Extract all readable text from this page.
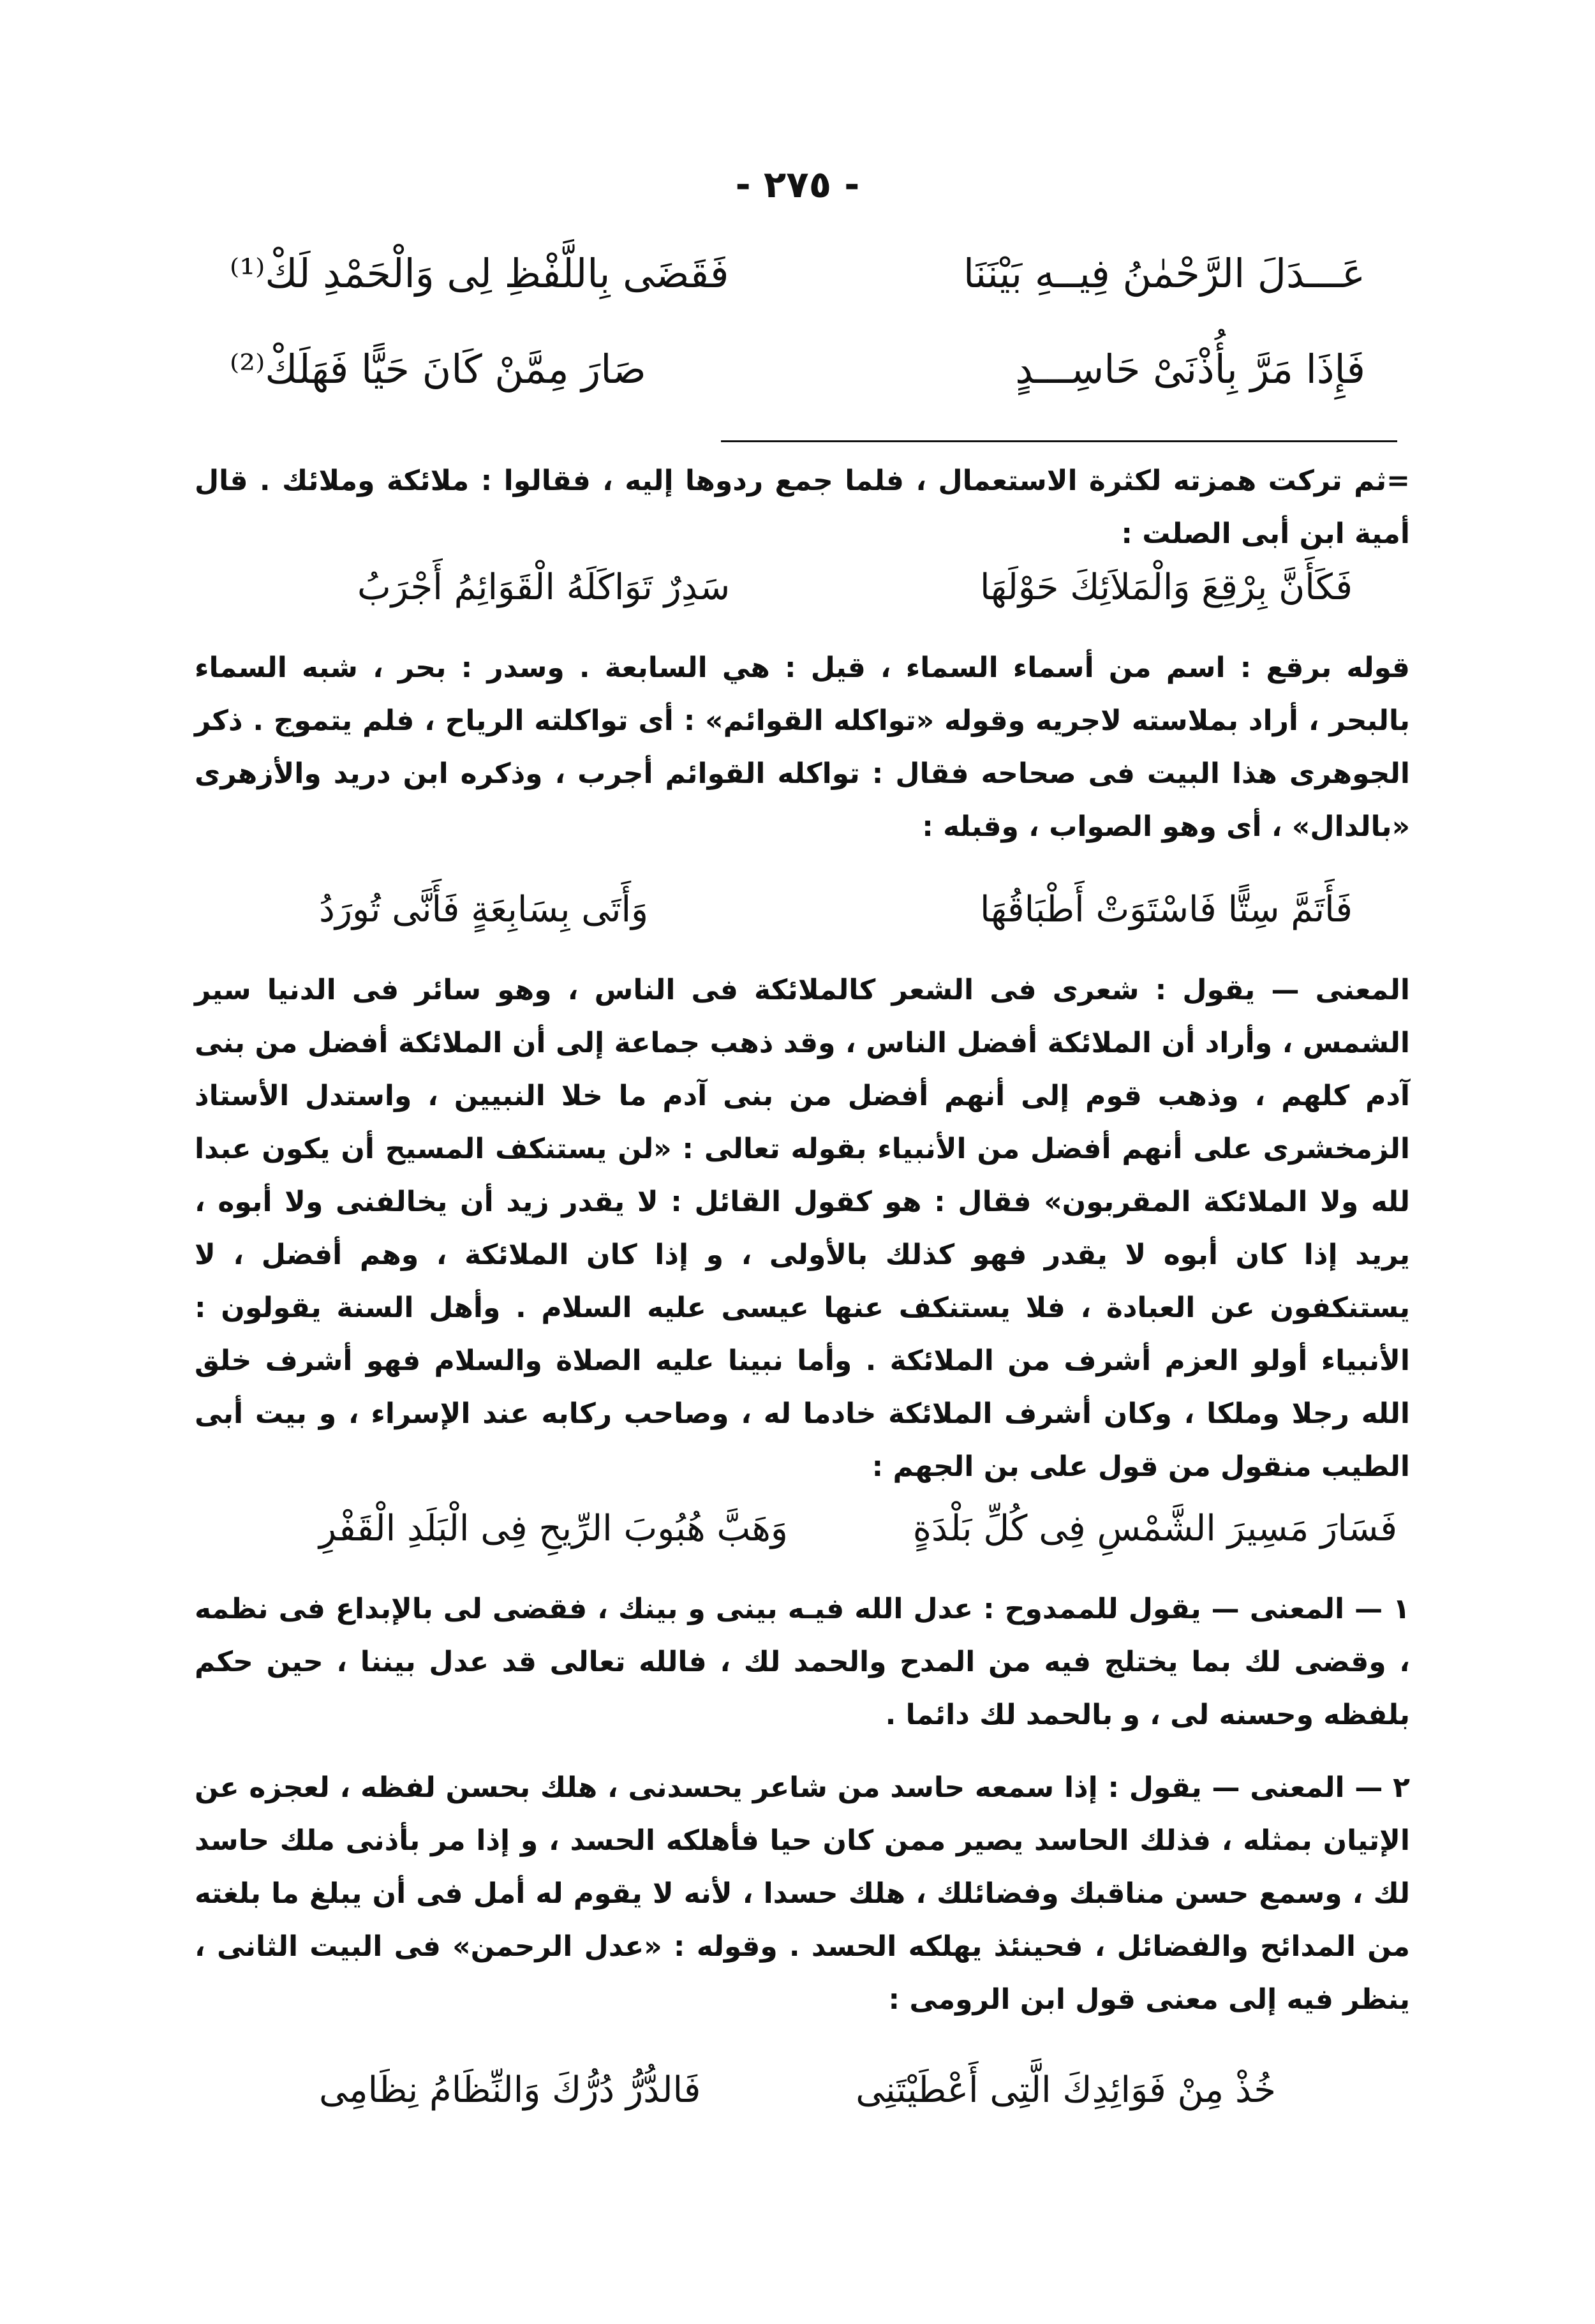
- ٢٧٥ -
عَـــدَلَ الرَّحْمٰنُ فِيــهِ بَيْنَنَا
فَقَضَى بِاللَّفْظِ لِى وَالْحَمْدِ لَكْ⁽¹⁾
فَإِذَا مَرَّ بِأُذْنَىْ حَاسِـــدٍ
صَارَ مِمَّنْ كَانَ حَيًّا فَهَلَكْ⁽²⁾
=ثم تركت همزته لكثرة الاستعمال ، فلما جمع ردوها إليه ، فقالوا : ملائكة وملائك . قال أمية ابن أبى الصلت :
فَكَأَنَّ بِرْقِعَ وَالْمَلاَئِكَ حَوْلَهَا
سَدِرٌ تَوَاكَلَهُ الْقَوَائِمُ أَجْرَبُ
قوله برقع : اسم من أسماء السماء ، قيل : هي السابعة . وسدر : بحر ، شبه السماء بالبحر ، أراد بملاسته لاجريه وقوله «تواكله القوائم» : أى تواكلته الرياح ، فلم يتموج . ذكر الجوهرى هذا البيت فى صحاحه فقال : تواكله القوائم أجرب ، وذكره ابن دريد والأزهرى «بالدال» ، أى وهو الصواب ، وقبله :
فَأَتَمَّ سِتًّا فَاسْتَوَتْ أَطْبَاقُهَا
وَأَتَى بِسَابِعَةٍ فَأَنَّى تُورَدُ
المعنى — يقول : شعرى فى الشعر كالملائكة فى الناس ، وهو سائر فى الدنيا سير الشمس ، وأراد أن الملائكة أفضل الناس ، وقد ذهب جماعة إلى أن الملائكة أفضل من بنى آدم كلهم ، وذهب قوم إلى أنهم أفضل من بنى آدم ما خلا النبيين ، واستدل الأستاذ الزمخشرى على أنهم أفضل من الأنبياء بقوله تعالى : «لن يستنكف المسيح أن يكون عبدا لله ولا الملائكة المقربون» فقال : هو كقول القائل : لا يقدر زيد أن يخالفنى ولا أبوه ، يريد إذا كان أبوه لا يقدر فهو كذلك بالأولى ، و إذا كان الملائكة ، وهم أفضل ، لا يستنكفون عن العبادة ، فلا يستنكف عنها عيسى عليه السلام . وأهل السنة يقولون : الأنبياء أولو العزم أشرف من الملائكة . وأما نبينا عليه الصلاة والسلام فهو أشرف خلق الله رجلا وملكا ، وكان أشرف الملائكة خادما له ، وصاحب ركابه عند الإسراء ، و بيت أبى الطيب منقول من قول على بن الجهم :
فَسَارَ مَسِيرَ الشَّمْسِ فِى كُلِّ بَلْدَةٍ
وَهَبَّ هُبُوبَ الرِّيحِ فِى الْبَلَدِ الْقَفْرِ
١ — المعنى — يقول للممدوح : عدل الله فيـه بينى و بينك ، فقضى لى بالإبداع فى نظمه ، وقضى لك بما يختلج فيه من المدح والحمد لك ، فالله تعالى قد عدل بيننا ، حين حكم بلفظه وحسنه لى ، و بالحمد لك دائما .
٢ — المعنى — يقول : إذا سمعه حاسد من شاعر يحسدنى ، هلك بحسن لفظه ، لعجزه عن الإتيان بمثله ، فذلك الحاسد يصير ممن كان حيا فأهلكه الحسد ، و إذا مر بأذنى ملك حاسد لك ، وسمع حسن مناقبك وفضائلك ، هلك حسدا ، لأنه لا يقوم له أمل فى أن يبلغ ما بلغته من المدائح والفضائل ، فحينئذ يهلكه الحسد . وقوله : «عدل الرحمن» فى البيت الثانى ، ينظر فيه إلى معنى قول ابن الرومى :
خُذْ مِنْ فَوَائِدِكَ الَّتِى أَعْطَيْتَنِى
فَالدُّرُّ دُرُّكَ وَالنِّظَامُ نِظَامِى
